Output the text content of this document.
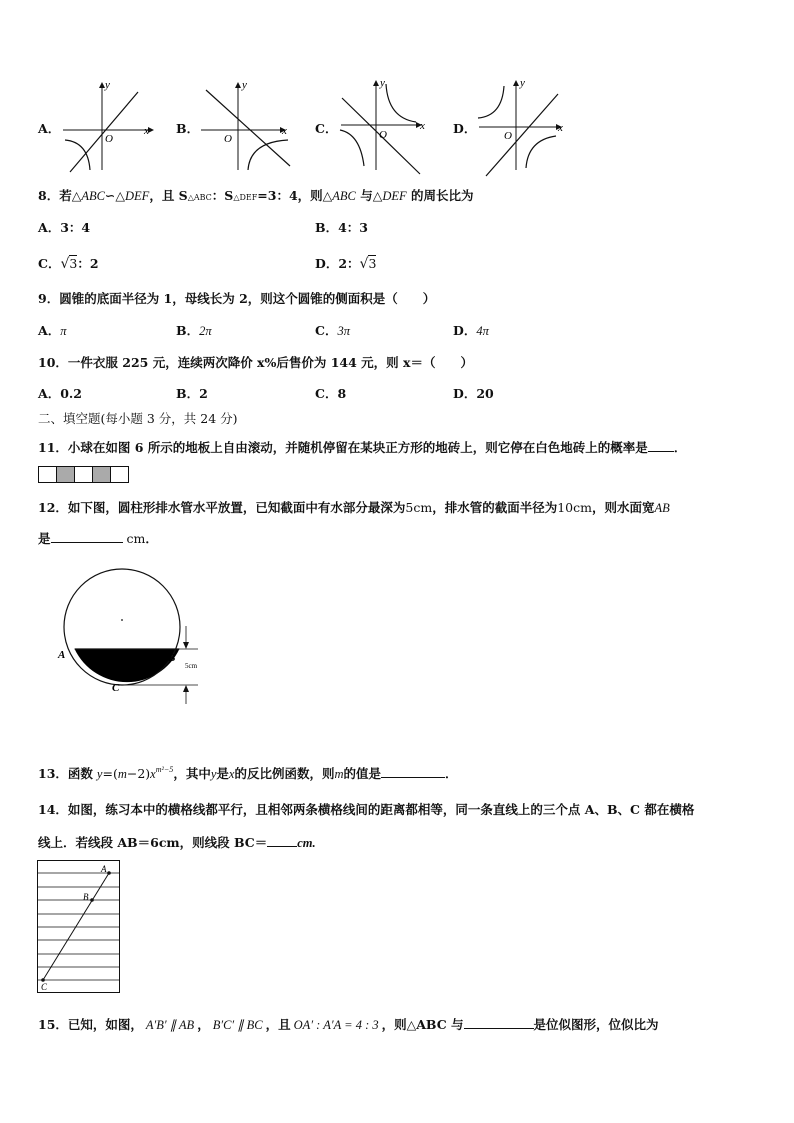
A．
y
x
O
B．
y
x
O
C．
y
x
O	D．
y
x
O
8．若△ABC∽△DEF，且 S△ABC：S△DEF=3：4，则△ABC 与△DEF 的周长比为
A．3：4	B．4：3
C．√3：2	D．2：√3
9．圆锥的底面半径为 1，母线长为 2，则这个圆锥的侧面积是（　　）
A．π	B．2π	C．3π	D．4π
10．一件衣服 225 元，连续两次降价 x%后售价为 144 元，则 x＝（　　）
A．0.2	B．2	C．8	D．20
二、填空题(每小题 3 分，共 24 分)
11．小球在如图 6 所示的地板上自由滚动，并随机停留在某块正方形的地砖上，则它停在白色地砖上的概率是 ．
12．如下图，圆柱形排水管水平放置，已知截面中有水部分最深为5cm，排水管的截面半径为10cm，则水面宽AB
是	cm．
A	B
C
5cm
13．函数 $y=(m-2)x^{m^2-5}$，其中y是x的反比例函数，则m的值是	．
14．如图，练习本中的横格线都平行，且相邻两条横格线间的距离都相等，同一条直线上的三个点 A、B、C 都在横格
线上．若线段 AB＝6cm，则线段 BC＝ cm.
A
B
C
15．已知，如图， A′B′ ∥ AB ， B′C′ ∥ BC ，且 OA′ : A′A = 4 : 3 ，则△ABC 与	是位似图形，位似比为
